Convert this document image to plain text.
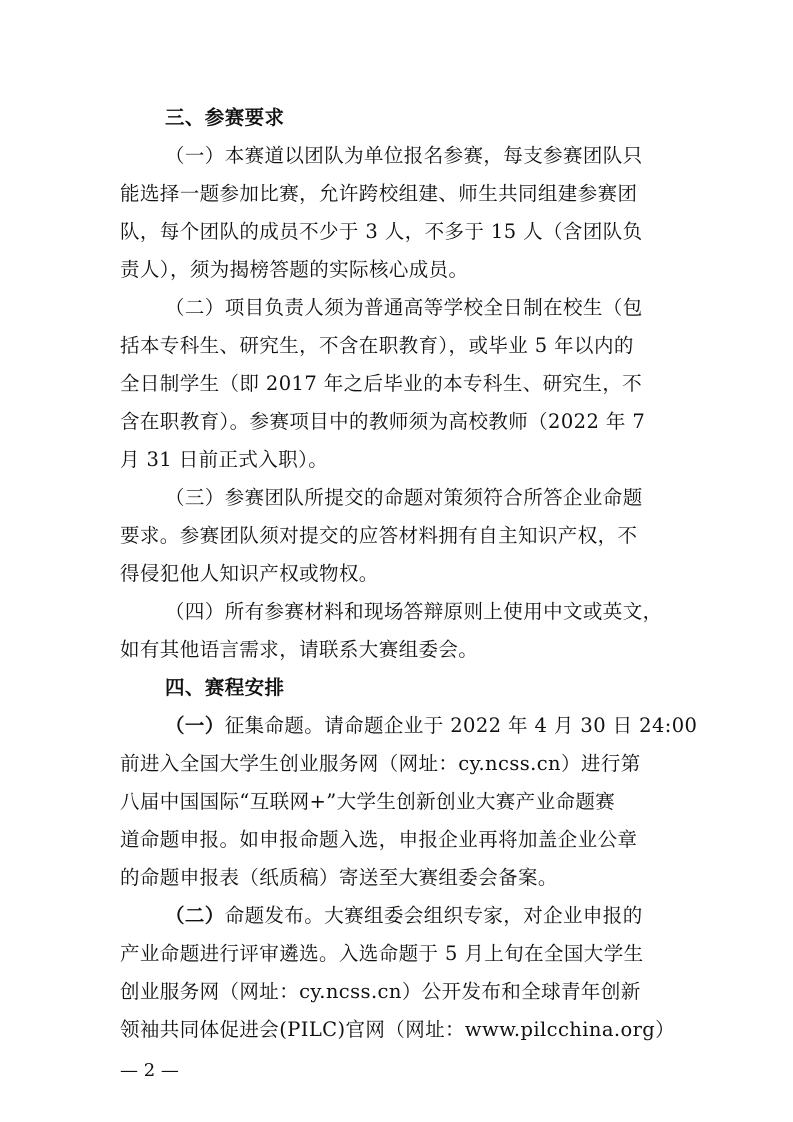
三、参赛要求
（一）本赛道以团队为单位报名参赛，每支参赛团队只
能选择一题参加比赛，允许跨校组建、师生共同组建参赛团
队，每个团队的成员不少于 3 人，不多于 15 人（含团队负
责人），须为揭榜答题的实际核心成员。
（二）项目负责人须为普通高等学校全日制在校生（包
括本专科生、研究生，不含在职教育），或毕业 5 年以内的
全日制学生（即 2017 年之后毕业的本专科生、研究生，不
含在职教育）。参赛项目中的教师须为高校教师（2022 年 7
月 31 日前正式入职）。
（三）参赛团队所提交的命题对策须符合所答企业命题
要求。参赛团队须对提交的应答材料拥有自主知识产权，不
得侵犯他人知识产权或物权。
（四）所有参赛材料和现场答辩原则上使用中文或英文，
如有其他语言需求，请联系大赛组委会。
四、赛程安排
（一）征集命题。请命题企业于 2022 年 4 月 30 日 24:00
前进入全国大学生创业服务网（网址：cy.ncss.cn）进行第
八届中国国际“互联网+”大学生创新创业大赛产业命题赛
道命题申报。如申报命题入选，申报企业再将加盖企业公章
的命题申报表（纸质稿）寄送至大赛组委会备案。
（二）命题发布。大赛组委会组织专家，对企业申报的
产业命题进行评审遴选。入选命题于 5 月上旬在全国大学生
创业服务网（网址：cy.ncss.cn）公开发布和全球青年创新
领袖共同体促进会(PILC)官网（网址：www.pilcchina.org）
— 2 —
